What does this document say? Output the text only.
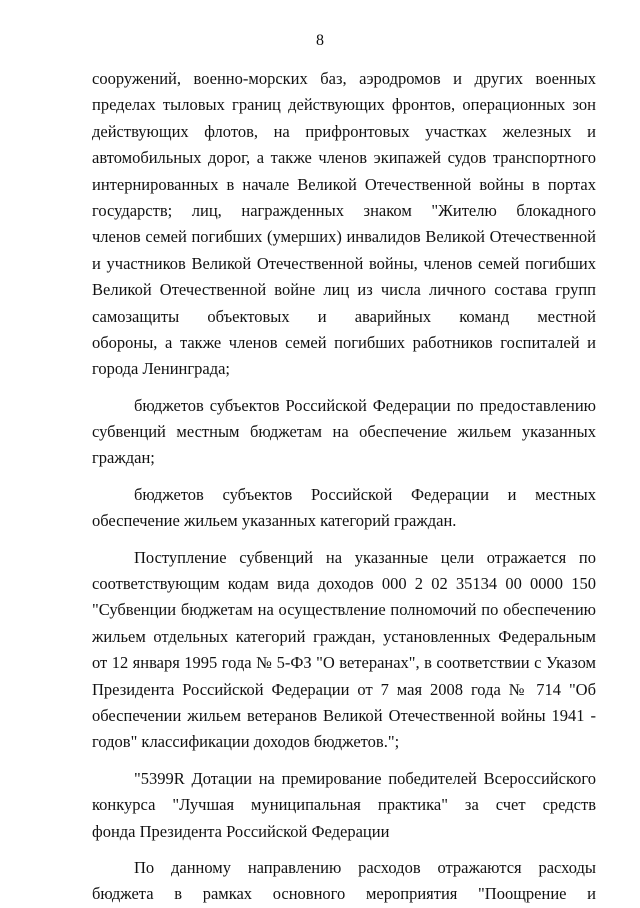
8
сооружений, военно-морских баз, аэродромов и других военных
пределах тыловых границ действующих фронтов, операционных зон
действующих флотов, на прифронтовых участках железных и
автомобильных дорог, а также членов экипажей судов транспортного
интернированных в начале Великой Отечественной войны в портах
государств; лиц, награжденных знаком "Жителю блокадного
членов семей погибших (умерших) инвалидов Великой Отечественной
и участников Великой Отечественной войны, членов семей погибших
Великой Отечественной войне лиц из числа личного состава групп
самозащиты объектовых и аварийных команд местной
обороны, а также членов семей погибших работников госпиталей и
города Ленинграда;
бюджетов субъектов Российской Федерации по предоставлению
субвенций местным бюджетам на обеспечение жильем указанных
граждан;
бюджетов субъектов Российской Федерации и местных
обеспечение жильем указанных категорий граждан.
Поступление субвенций на указанные цели отражается по
соответствующим кодам вида доходов 000 2 02 35134 00 0000 150
"Субвенции бюджетам на осуществление полномочий по обеспечению
жильем отдельных категорий граждан, установленных Федеральным
от 12 января 1995 года № 5-ФЗ "О ветеранах", в соответствии с Указом
Президента Российской Федерации от 7 мая 2008 года № 714 "Об
обеспечении жильем ветеранов Великой Отечественной войны 1941 -
годов" классификации доходов бюджетов.";
"5399R Дотации на премирование победителей Всероссийского
конкурса "Лучшая муниципальная практика" за счет средств
фонда Президента Российской Федерации
По данному направлению расходов отражаются расходы
бюджета в рамках основного мероприятия "Поощрение и
